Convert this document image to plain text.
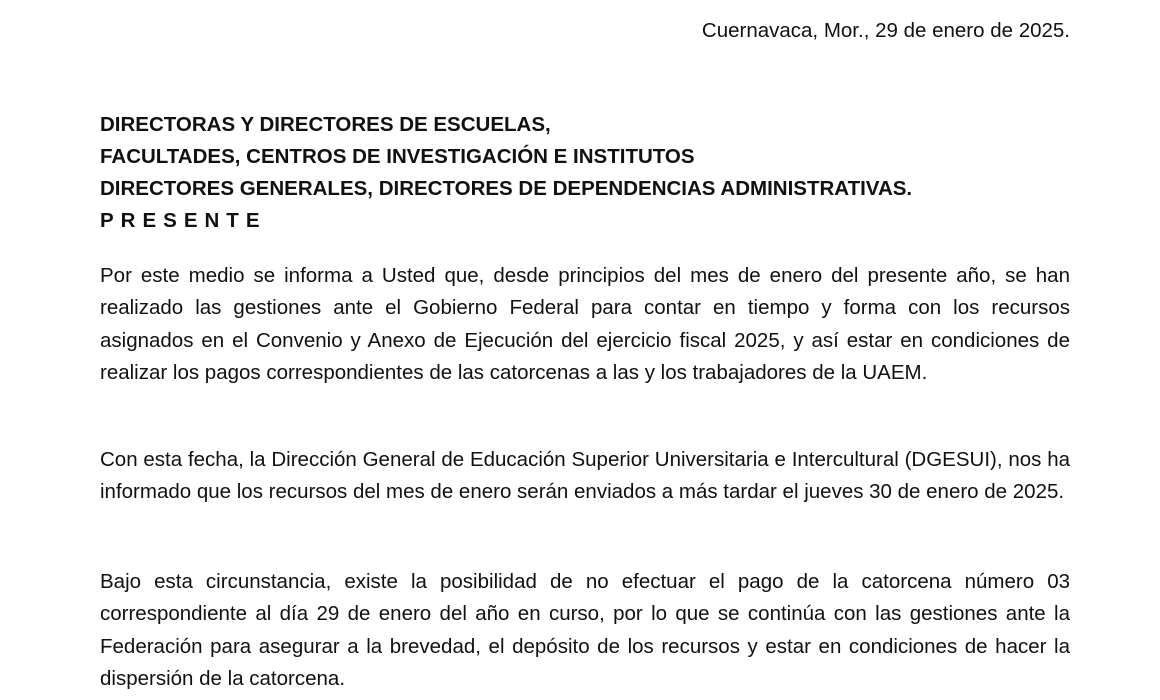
Cuernavaca, Mor., 29 de enero de 2025.
DIRECTORAS Y DIRECTORES DE ESCUELAS,
FACULTADES, CENTROS DE INVESTIGACIÓN E INSTITUTOS
DIRECTORES GENERALES, DIRECTORES DE DEPENDENCIAS ADMINISTRATIVAS.
PRESENTE

Por este medio se informa a Usted que, desde principios del mes de enero del presente año, se han realizado las gestiones ante el Gobierno Federal para contar en tiempo y forma con los recursos asignados en el Convenio y Anexo de Ejecución del ejercicio fiscal 2025, y así estar en condiciones de realizar los pagos correspondientes de las catorcenas a las y los trabajadores de la UAEM.

Con esta fecha, la Dirección General de Educación Superior Universitaria e Intercultural (DGESUI), nos ha informado que los recursos del mes de enero serán enviados a más tardar el jueves 30 de enero de 2025.

Bajo esta circunstancia, existe la posibilidad de no efectuar el pago de la catorcena número 03 correspondiente al día 29 de enero del año en curso, por lo que se continúa con las gestiones ante la Federación para asegurar a la brevedad, el depósito de los recursos y estar en condiciones de hacer la dispersión de la catorcena.
